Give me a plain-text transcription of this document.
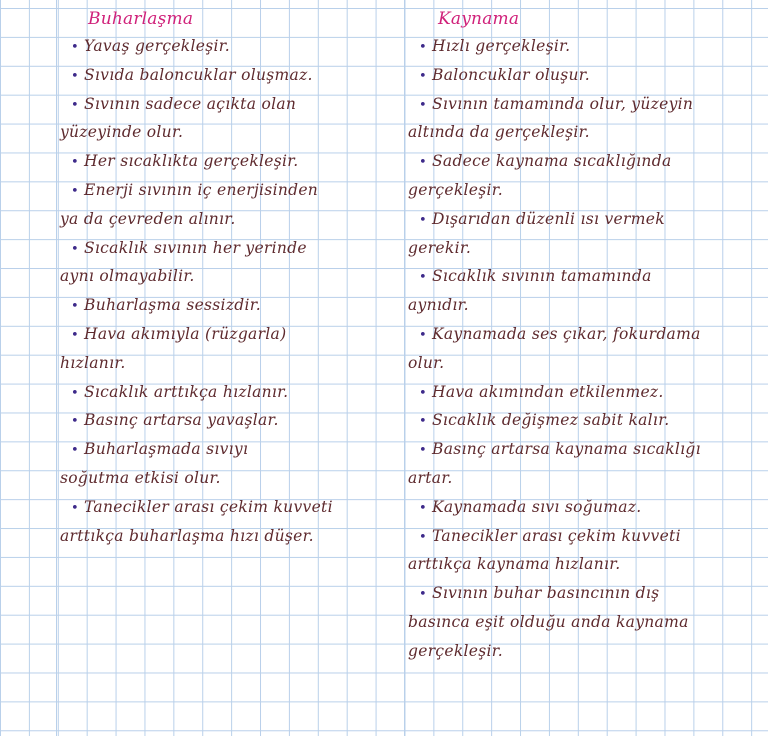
Buharlaşma
• Yavaş gerçekleşir.
• Sıvıda baloncuklar oluşmaz.
• Sıvının sadece açıkta olan
yüzeyinde olur.
• Her sıcaklıkta gerçekleşir.
• Enerji sıvının iç enerjisinden
ya da çevreden alınır.
• Sıcaklık sıvının her yerinde
aynı olmayabilir.
• Buharlaşma sessizdir.
• Hava akımıyla (rüzgarla)
hızlanır.
• Sıcaklık arttıkça hızlanır.
• Basınç artarsa yavaşlar.
• Buharlaşmada sıvıyı
soğutma etkisi olur.
• Tanecikler arası çekim kuvveti
arttıkça buharlaşma hızı düşer.
Kaynama
• Hızlı gerçekleşir.
• Baloncuklar oluşur.
• Sıvının tamamında olur, yüzeyin
altında da gerçekleşir.
• Sadece kaynama sıcaklığında
gerçekleşir.
• Dışarıdan düzenli ısı vermek
gerekir.
• Sıcaklık sıvının tamamında
aynıdır.
• Kaynamada ses çıkar, fokurdama
olur.
• Hava akımından etkilenmez.
• Sıcaklık değişmez sabit kalır.
• Basınç artarsa kaynama sıcaklığı
artar.
• Kaynamada sıvı soğumaz.
• Tanecikler arası çekim kuvveti
arttıkça kaynama hızlanır.
• Sıvının buhar basıncının dış
basınca eşit olduğu anda kaynama
gerçekleşir.
